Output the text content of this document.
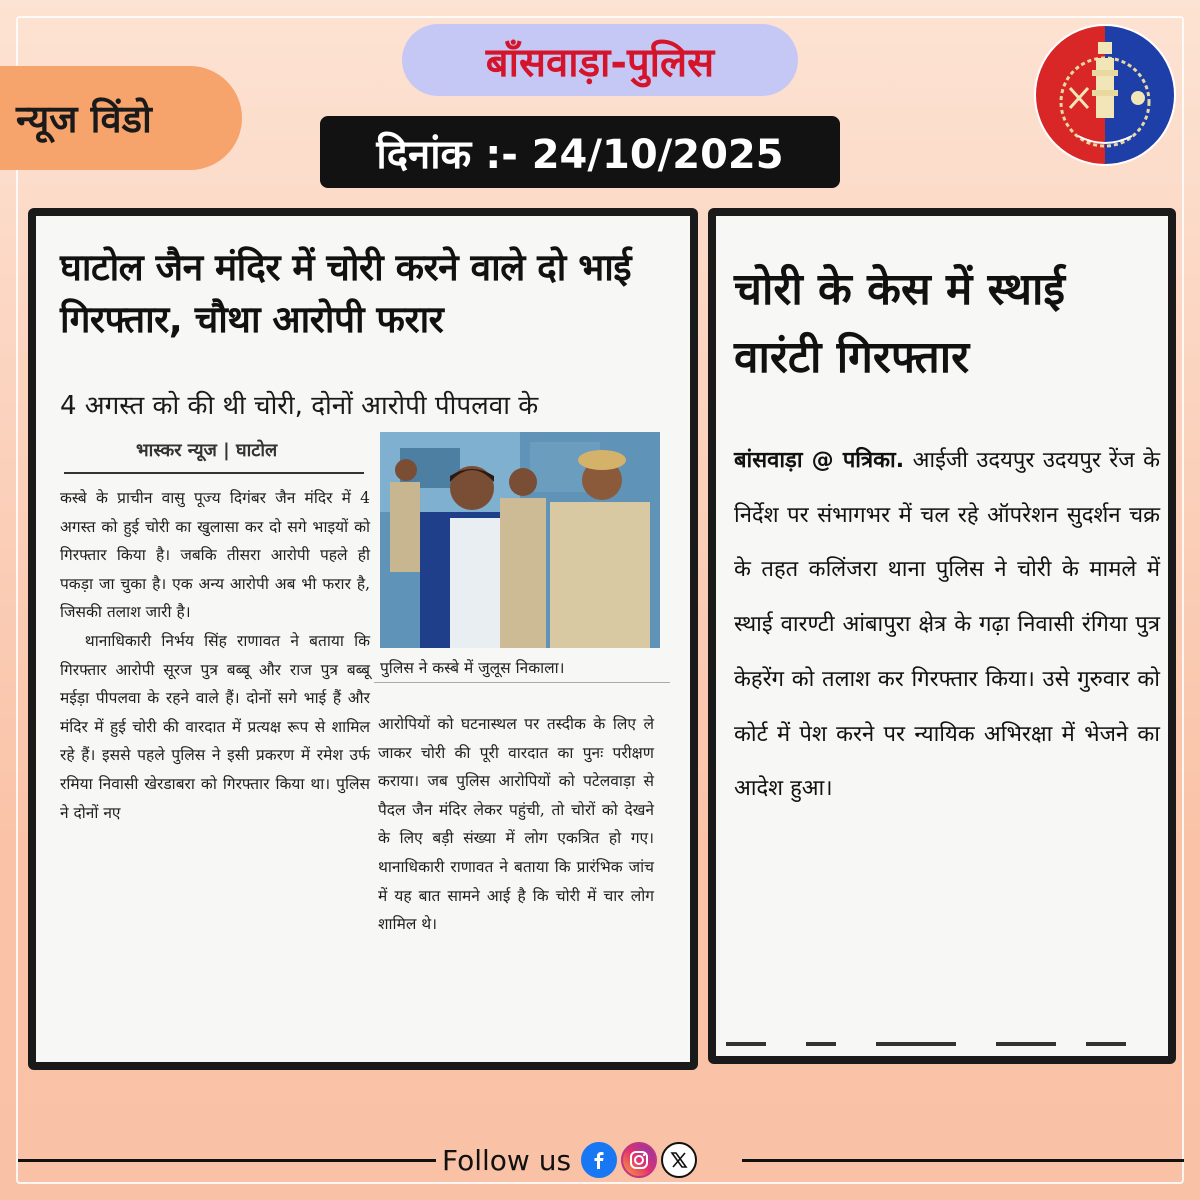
बाँसवाड़ा-पुलिस
न्यूज विंडो
दिनांक :- 24/10/2025
घाटोल जैन मंदिर में चोरी करने वाले दो भाई गिरफ्तार, चौथा आरोपी फरार
4 अगस्त को की थी चोरी, दोनों आरोपी पीपलवा के
भास्कर न्यूज | घाटोल
पुलिस ने कस्बे में जुलूस निकाला।

कस्बे के प्राचीन वासु पूज्य दिगंबर जैन मंदिर में 4 अगस्त को हुई चोरी का खुलासा कर दो सगे भाइयों को गिरफ्तार किया है। जबकि तीसरा आरोपी पहले ही पकड़ा जा चुका है। एक अन्य आरोपी अब भी फरार है, जिसकी तलाश जारी है।

थानाधिकारी निर्भय सिंह राणावत ने बताया कि गिरफ्तार आरोपी सूरज पुत्र बब्बू और राज पुत्र बब्बू मईड़ा पीपलवा के रहने वाले हैं। दोनों सगे भाई हैं और मंदिर में हुई चोरी की वारदात में प्रत्यक्ष रूप से शामिल रहे हैं। इससे पहले पुलिस ने इसी प्रकरण में रमेश उर्फ रमिया निवासी खेरडाबरा को गिरफ्तार किया था। पुलिस ने दोनों नए

आरोपियों को घटनास्थल पर तस्दीक के लिए ले जाकर चोरी की पूरी वारदात का पुनः परीक्षण कराया। जब पुलिस आरोपियों को पटेलवाड़ा से पैदल जैन मंदिर लेकर पहुंची, तो चोरों को देखने के लिए बड़ी संख्या में लोग एकत्रित हो गए। थानाधिकारी राणावत ने बताया कि प्रारंभिक जांच में यह बात सामने आई है कि चोरी में चार लोग शामिल थे।

चोरी के केस में स्थाई वारंटी गिरफ्तार
बांसवाड़ा @ पत्रिका. आईजी उदयपुर उदयपुर रेंज के निर्देश पर संभागभर में चल रहे ऑपरेशन सुदर्शन चक्र के तहत कलिंजरा थाना पुलिस ने चोरी के मामले में स्थाई वारण्टी आंबापुरा क्षेत्र के गढ़ा निवासी रंगिया पुत्र केहरेंग को तलाश कर गिरफ्तार किया। उसे गुरुवार को कोर्ट में पेश करने पर न्यायिक अभिरक्षा में भेजने का आदेश हुआ।
Follow us
